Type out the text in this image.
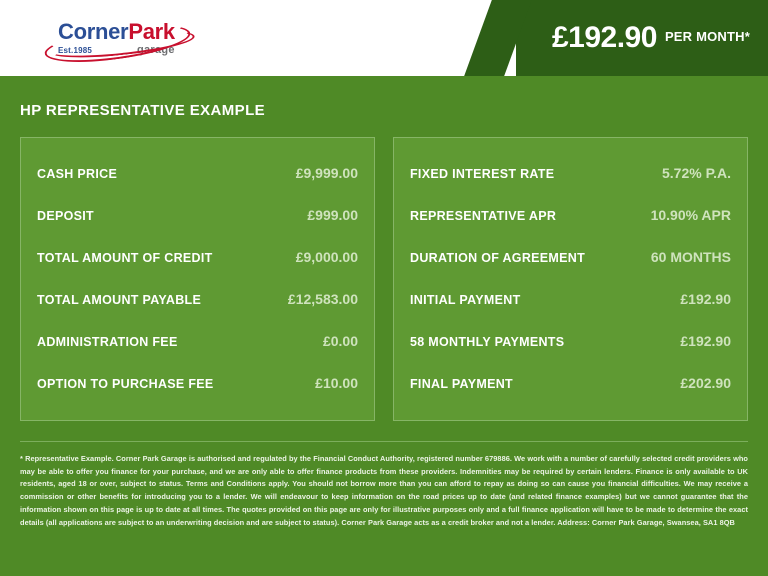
CornerPark
Est.1985	garage	£192.90 PER MONTH*
HP REPRESENTATIVE EXAMPLE
CASH PRICE	£9,999.00
DEPOSIT	£999.00
TOTAL AMOUNT OF CREDIT	£9,000.00
TOTAL AMOUNT PAYABLE	£12,583.00
ADMINISTRATION FEE	£0.00
OPTION TO PURCHASE FEE	£10.00
FIXED INTEREST RATE	5.72% P.A.
REPRESENTATIVE APR	10.90% APR
DURATION OF AGREEMENT	60 MONTHS
INITIAL PAYMENT	£192.90
58 MONTHLY PAYMENTS	£192.90
FINAL PAYMENT	£202.90
* Representative Example. Corner Park Garage is authorised and regulated by the Financial Conduct Authority, registered number 679886. We work with a number of carefully selected credit providers who may be able to offer you finance for your purchase, and we are only able to offer finance products from these providers. Indemnities may be required by certain lenders. Finance is only available to UK residents, aged 18 or over, subject to status. Terms and Conditions apply. You should not borrow more than you can afford to repay as doing so can cause you financial difficulties. We may receive a commission or other benefits for introducing you to a lender. We will endeavour to keep information on the road prices up to date (and related finance examples) but we cannot guarantee that the information shown on this page is up to date at all times. The quotes provided on this page are only for illustrative purposes only and a full finance application will have to be made to determine the exact details (all applications are subject to an underwriting decision and are subject to status). Corner Park Garage acts as a credit broker and not a lender. Address: Corner Park Garage, Swansea, SA1 8QB
